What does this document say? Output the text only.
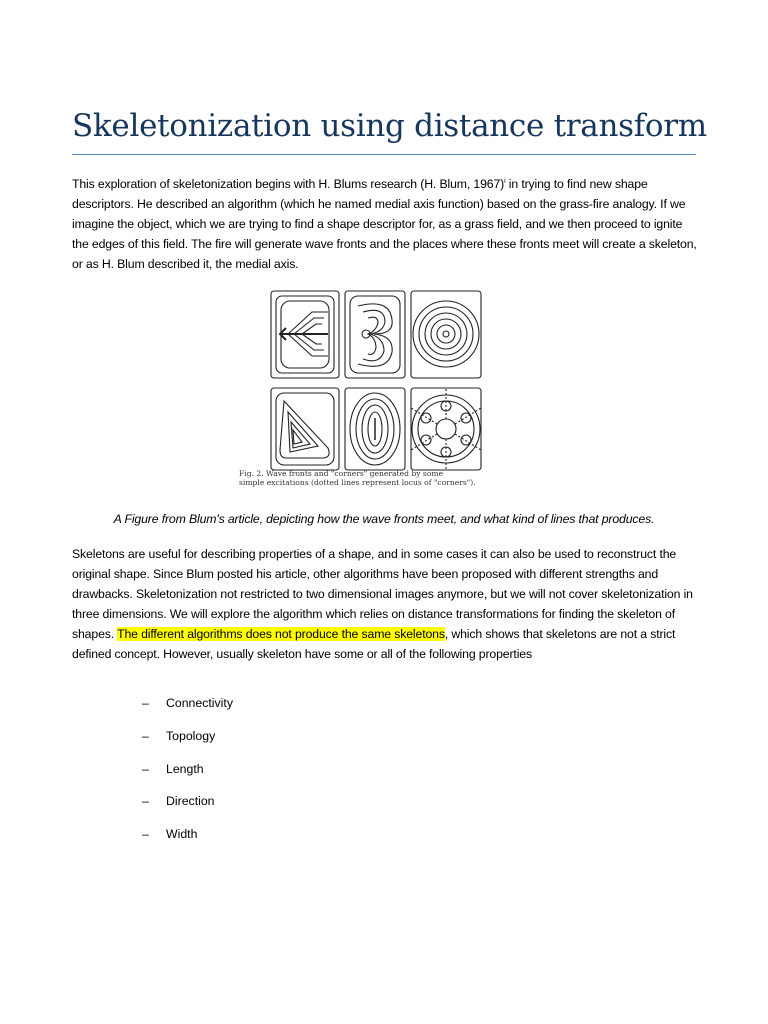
Skeletonization using distance transform

This exploration of skeletonization begins with H. Blums research (H. Blum, 1967)$^i$ in trying to find new shape descriptors. He described an algorithm (which he named medial axis function) based on the grass-fire analogy. If we imagine the object, which we are trying to find a shape descriptor for, as a grass field, and we then proceed to ignite the edges of this field. The fire will generate wave fronts and the places where these fronts meet will create a skeleton, or as H. Blum described it, the medial axis.

Fig. 2. Wave fronts and "corners" generated by some
simple excitations (dotted lines represent locus of "corners").

A Figure from Blum's article, depicting how the wave fronts meet, and what kind of lines that produces.

Skeletons are useful for describing properties of a shape, and in some cases it can also be used to reconstruct the original shape. Since Blum posted his article, other algorithms have been proposed with different strengths and drawbacks. Skeletonization not restricted to two dimensional images anymore, but we will not cover skeletonization in three dimensions. We will explore the algorithm which relies on distance transformations for finding the skeleton of shapes. The different algorithms does not produce the same skeletons, which shows that skeletons are not a strict defined concept. However, usually skeleton have some or all of the following properties

–	Connectivity
–	Topology
–	Length
–	Direction
–	Width
